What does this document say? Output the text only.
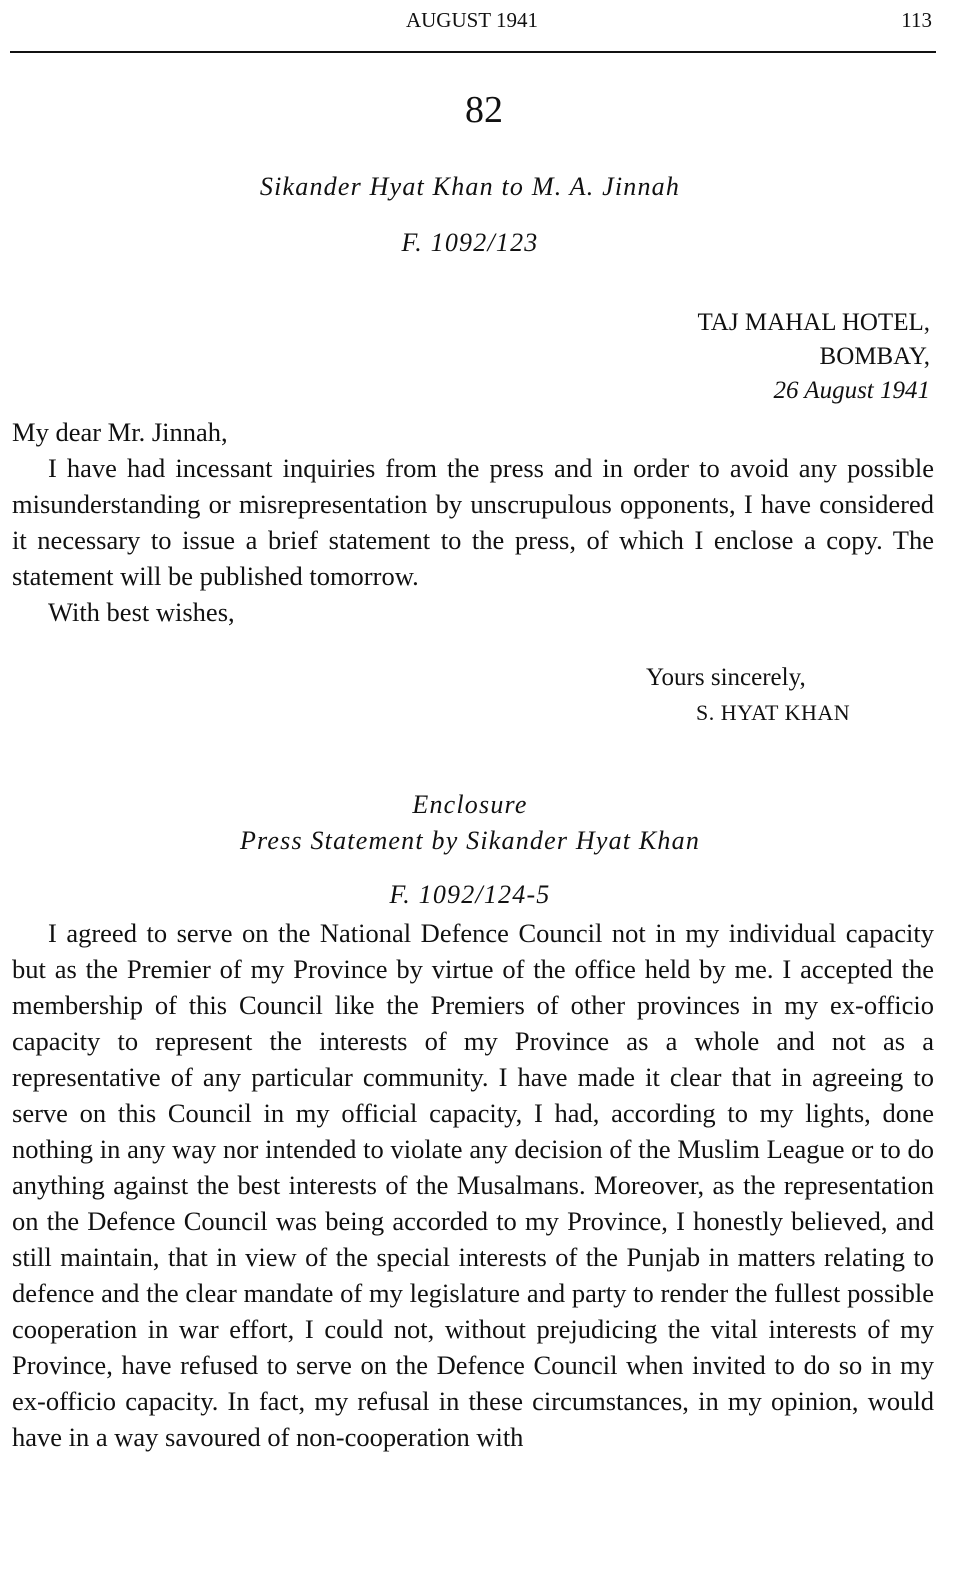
AUGUST 1941	113
82
Sikander Hyat Khan to M. A. Jinnah
F. 1092/123
TAJ MAHAL HOTEL,
BOMBAY,
26 August 1941

My dear Mr. Jinnah,

I have had incessant inquiries from the press and in order to avoid any possible misunderstanding or misrepresentation by unscrupulous opponents, I have considered it necessary to issue a brief statement to the press, of which I enclose a copy. The statement will be published tomorrow.

With best wishes,

Yours sincerely,
S. HYAT KHAN
Enclosure
Press Statement by Sikander Hyat Khan
F. 1092/124-5

I agreed to serve on the National Defence Council not in my individual capacity but as the Premier of my Province by virtue of the office held by me. I accepted the membership of this Council like the Premiers of other provinces in my ex-officio capacity to represent the interests of my Province as a whole and not as a representative of any particular community. I have made it clear that in agreeing to serve on this Council in my official capacity, I had, according to my lights, done nothing in any way nor intended to violate any decision of the Muslim League or to do anything against the best interests of the Musalmans. Moreover, as the representation on the Defence Council was being accorded to my Province, I honestly believed, and still maintain, that in view of the special interests of the Punjab in matters relating to defence and the clear mandate of my legislature and party to render the fullest possible cooperation in war effort, I could not, without prejudicing the vital interests of my Province, have refused to serve on the Defence Council when invited to do so in my ex-officio capacity. In fact, my refusal in these circumstances, in my opinion, would have in a way savoured of non-cooperation with
